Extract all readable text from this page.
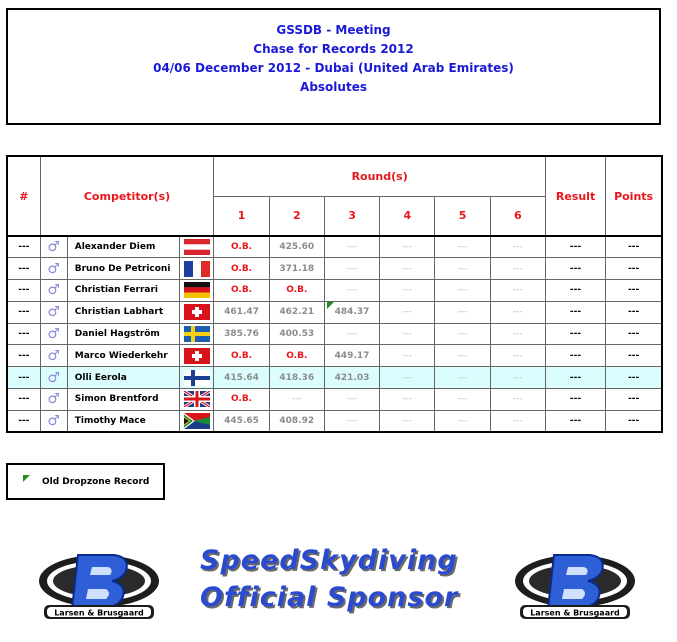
GSSDB - Meeting
Chase for Records 2012
04/06 December 2012 - Dubai (United Arab Emirates)
Absolutes
#	Competitor(s)			Round(s)						Result	Points
				1	2	3	4	5	6		
---	♂	Alexander Diem		O.B.	425.60	---	---	---	---	---	---
---	♂	Bruno De Petriconi		O.B.	371.18	---	---	---	---	---	---
---	♂	Christian Ferrari		O.B.	O.B.	---	---	---	---	---	---
---	♂	Christian Labhart		461.47	462.21	484.37	---	---	---	---	---
---	♂	Daniel Hagström		385.76	400.53	---	---	---	---	---	---
---	♂	Marco Wiederkehr		O.B.	O.B.	449.17	---	---	---	---	---
---	♂	Olli Eerola		415.64	418.36	421.03	---	---	---	---	---
---	♂	Simon Brentford		O.B.	---	---	---	---	---	---	---
---	♂	Timothy Mace		445.65	408.92	---	---	---	---	---	---
Old Dropzone Record
Larsen & Brusgaard
SpeedSkydiving
Official Sponsor	Larsen & Brusgaard
